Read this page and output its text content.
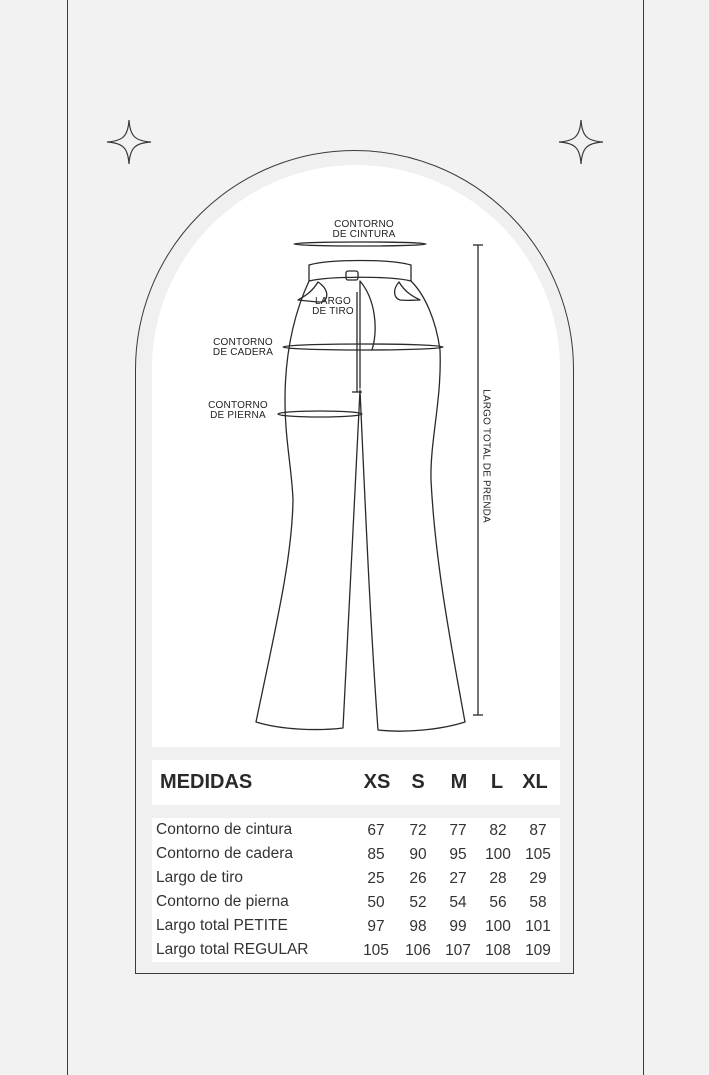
CONTORNO
DE CINTURA
LARGO
DE TIRO
CONTORNO
DE CADERA
CONTORNO
DE PIERNA	LARGO TOTAL DE PRENDA
MEDIDAS	XS	S	M	L XL
Contorno de cintura	67	72	77	82	87
Contorno de cadera	85	90	95	100 105
Largo de tiro	25	26	27	28	29
Contorno de pierna	50	52	54	56	58
Largo total PETITE	97	98	99	100 101
Largo total REGULAR	105	106 107 108 109
